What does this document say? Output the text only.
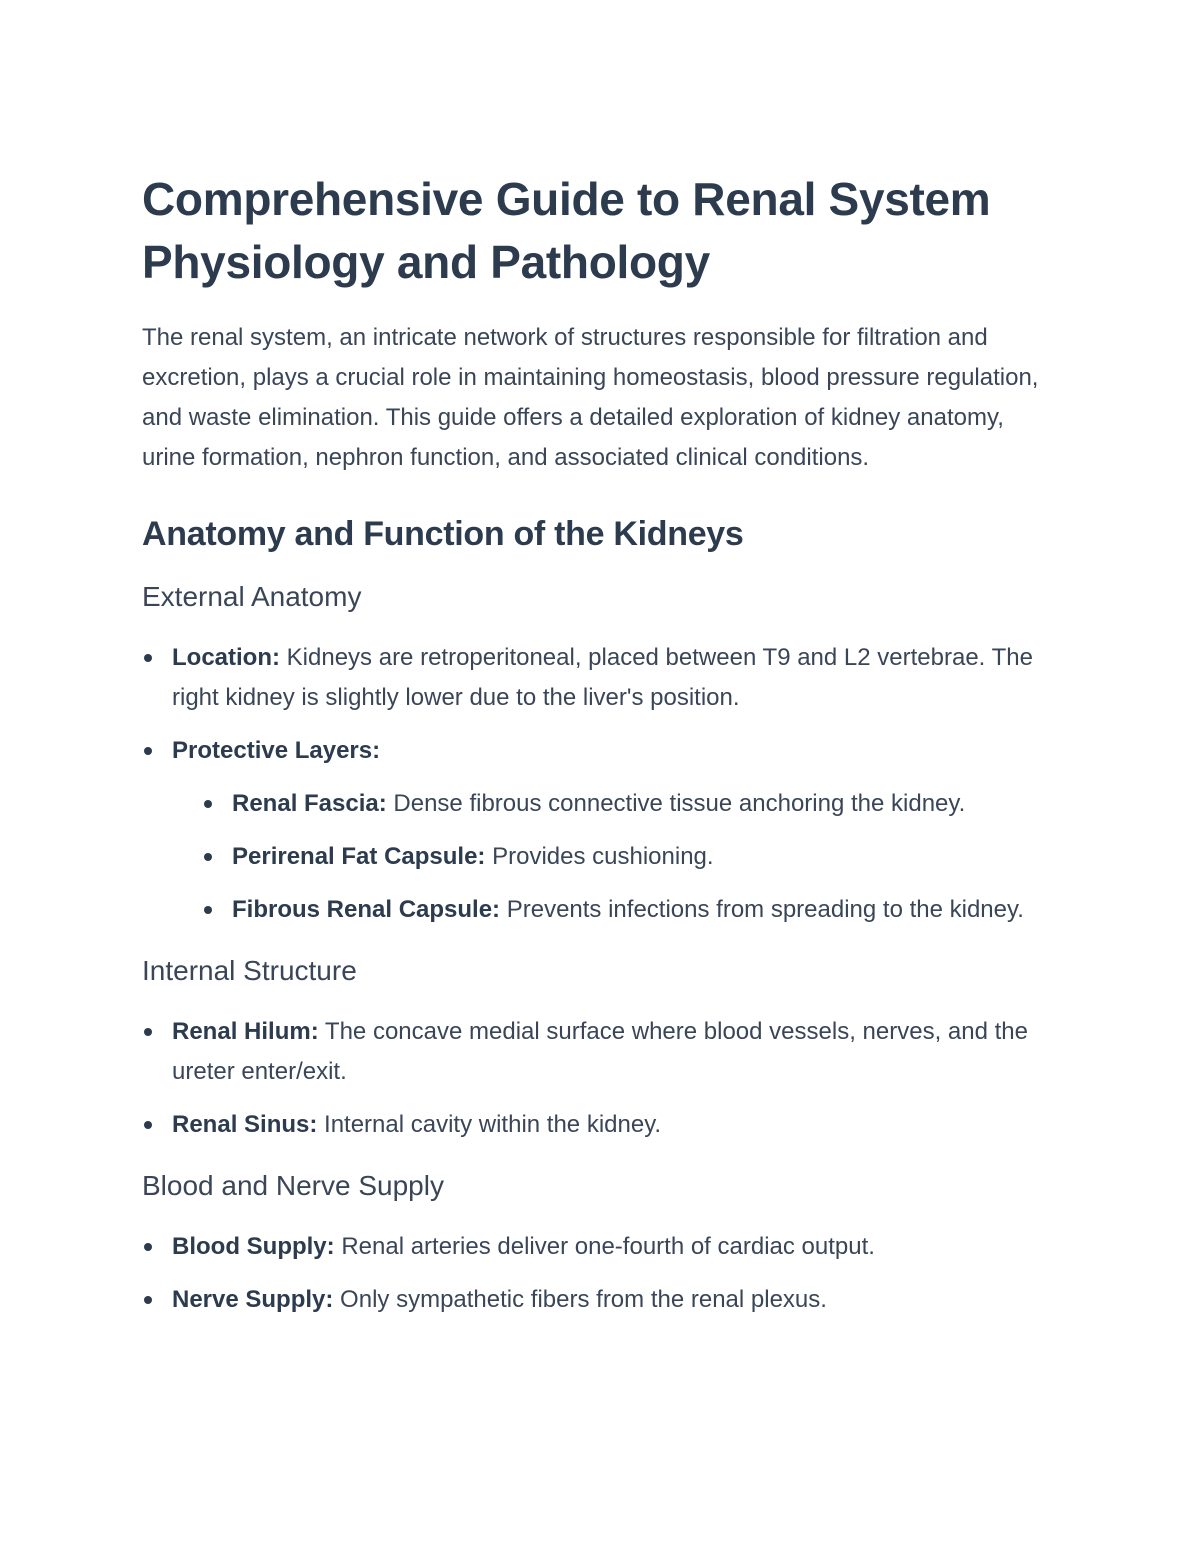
Comprehensive Guide to Renal System Physiology and Pathology

The renal system, an intricate network of structures responsible for filtration and excretion, plays a crucial role in maintaining homeostasis, blood pressure regulation, and waste elimination. This guide offers a detailed exploration of kidney anatomy, urine formation, nephron function, and associated clinical conditions.

Anatomy and Function of the Kidneys
External Anatomy
Location: Kidneys are retroperitoneal, placed between T9 and L2 vertebrae. The right kidney is slightly lower due to the liver's position.
Protective Layers:
Renal Fascia: Dense fibrous connective tissue anchoring the kidney.
Perirenal Fat Capsule: Provides cushioning.
Fibrous Renal Capsule: Prevents infections from spreading to the kidney.
Internal Structure
Renal Hilum: The concave medial surface where blood vessels, nerves, and the ureter enter/exit.
Renal Sinus: Internal cavity within the kidney.
Blood and Nerve Supply
Blood Supply: Renal arteries deliver one-fourth of cardiac output.
Nerve Supply: Only sympathetic fibers from the renal plexus.
